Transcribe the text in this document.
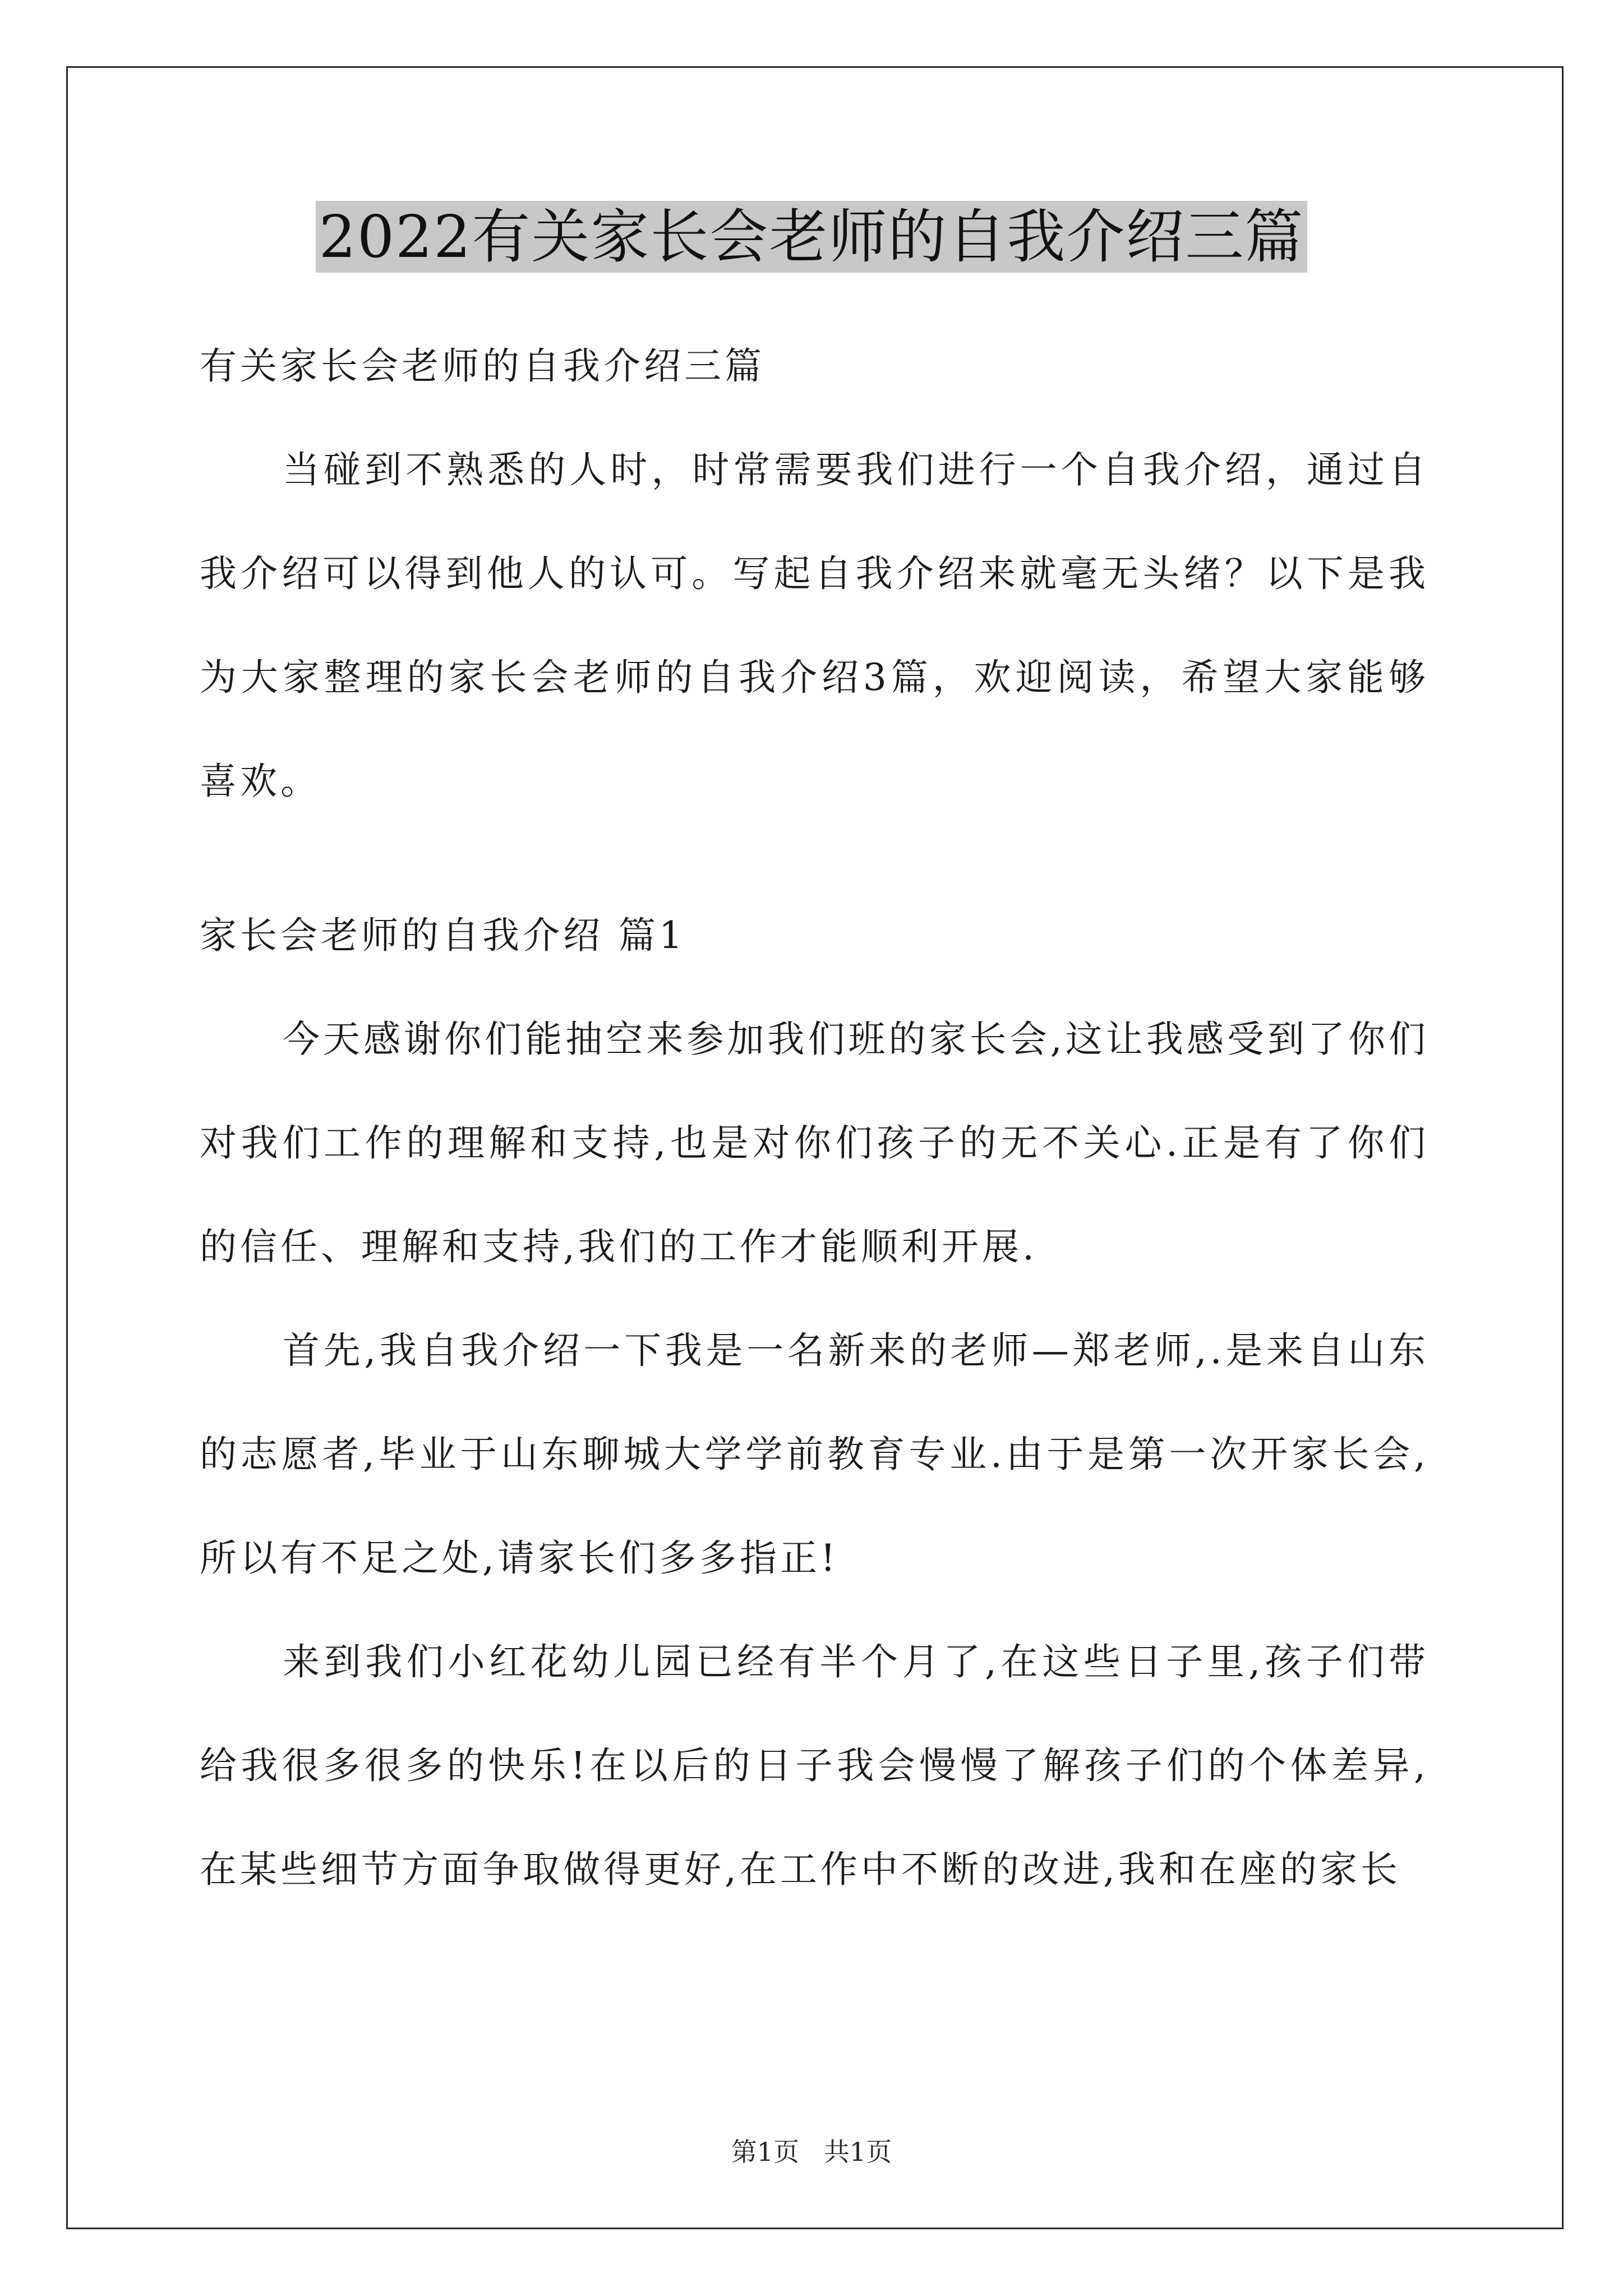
2022有关家长会老师的自我介绍三篇

有关家长会老师的自我介绍三篇

当碰到不熟悉的人时，时常需要我们进行一个自我介绍，通过自我介绍可以得到他人的认可。写起自我介绍来就毫无头绪？以下是我为大家整理的家长会老师的自我介绍3篇，欢迎阅读，希望大家能够喜欢。

家长会老师的自我介绍 篇1

今天感谢你们能抽空来参加我们班的家长会,这让我感受到了你们对我们工作的理解和支持,也是对你们孩子的无不关心.正是有了你们的信任、理解和支持,我们的工作才能顺利开展.

首先,我自我介绍一下我是一名新来的老师—郑老师,.是来自山东的志愿者,毕业于山东聊城大学学前教育专业.由于是第一次开家长会,所以有不足之处,请家长们多多指正!

来到我们小红花幼儿园已经有半个月了,在这些日子里,孩子们带给我很多很多的快乐!在以后的日子我会慢慢了解孩子们的个体差异,在某些细节方面争取做得更好,在工作中不断的改进,我和在座的家长

第1页   共1页
